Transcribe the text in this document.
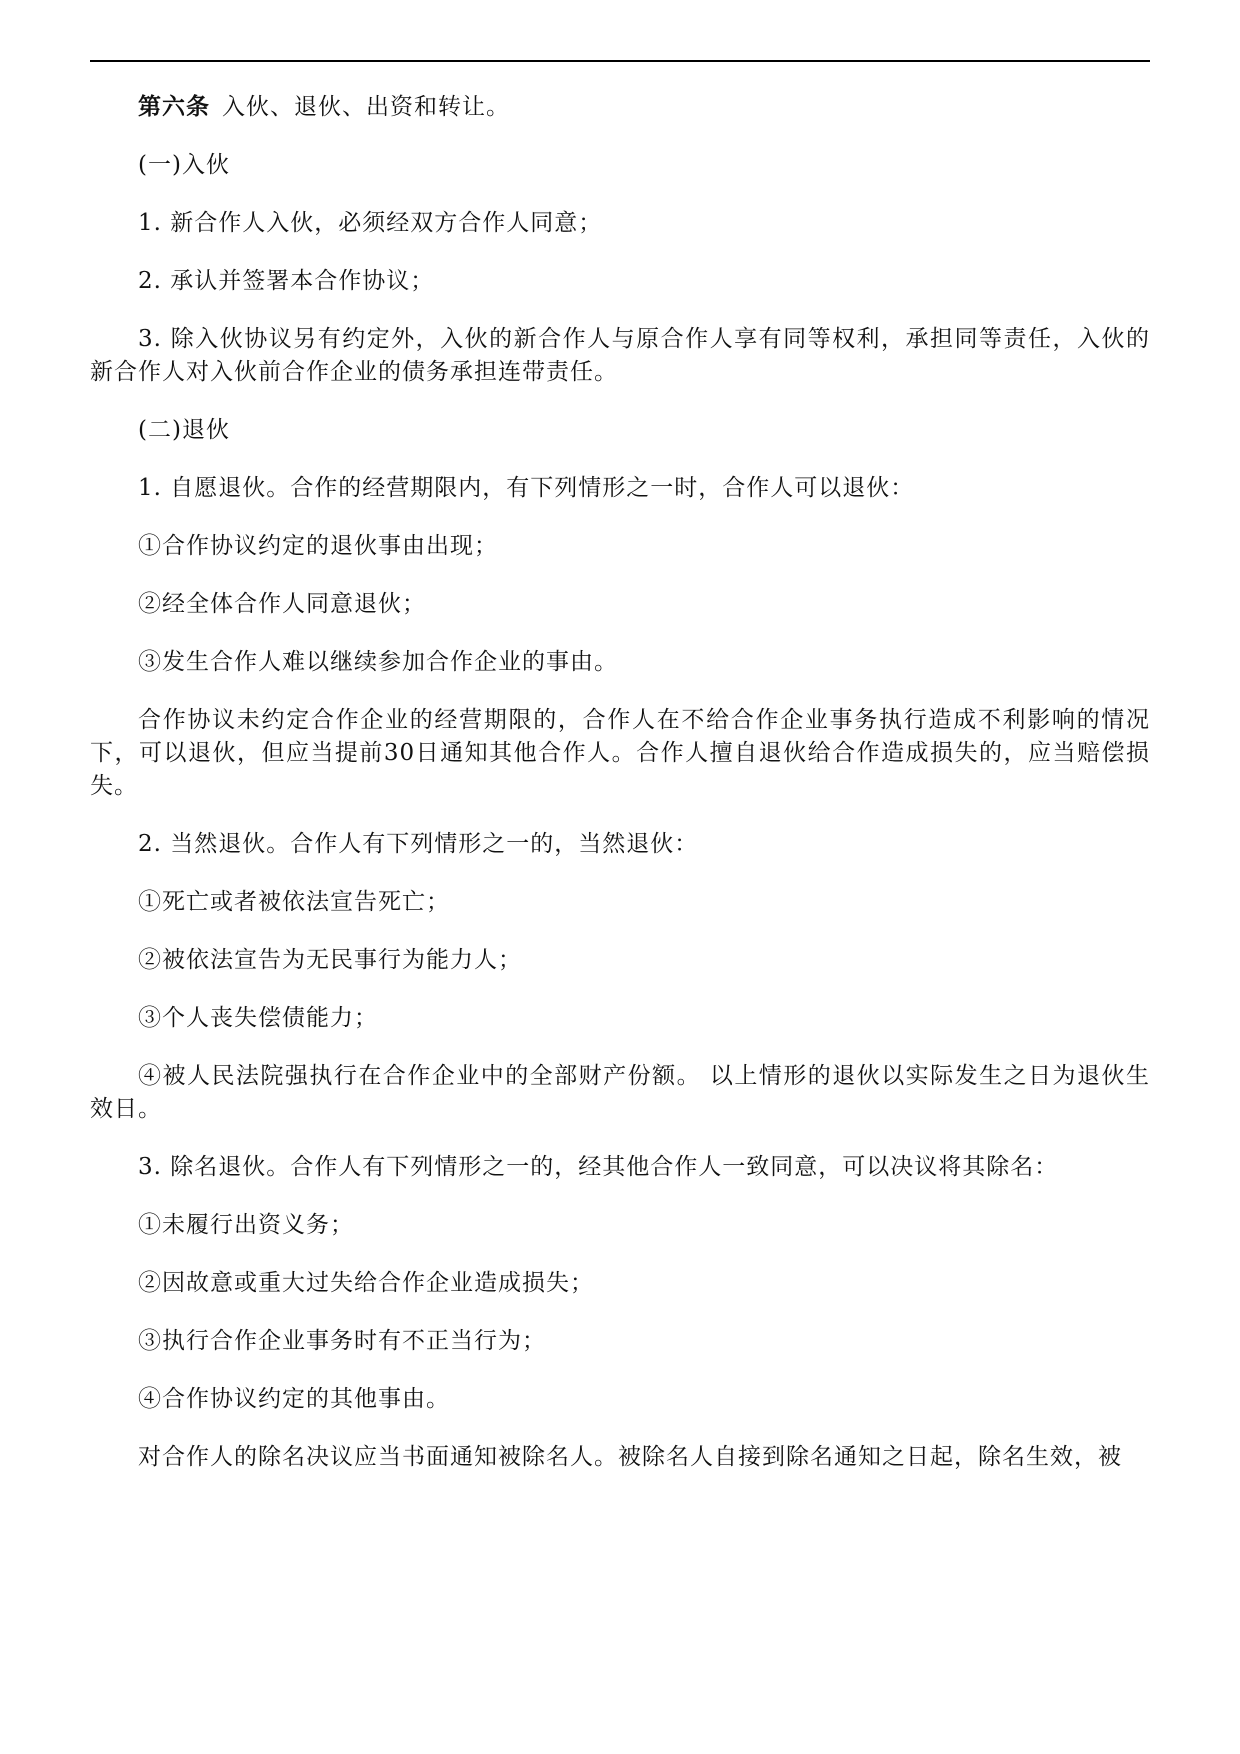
第六条 入伙、退伙、出资和转让。

(一)入伙

1. 新合作人入伙，必须经双方合作人同意；

2. 承认并签署本合作协议；

3. 除入伙协议另有约定外，入伙的新合作人与原合作人享有同等权利，承担同等责任，入伙的新合作人对入伙前合作企业的债务承担连带责任。

(二)退伙

1. 自愿退伙。合作的经营期限内，有下列情形之一时，合作人可以退伙：

①合作协议约定的退伙事由出现；

②经全体合作人同意退伙；

③发生合作人难以继续参加合作企业的事由。

合作协议未约定合作企业的经营期限的，合作人在不给合作企业事务执行造成不利影响的情况下，可以退伙，但应当提前30日通知其他合作人。合作人擅自退伙给合作造成损失的，应当赔偿损失。

2. 当然退伙。合作人有下列情形之一的，当然退伙：

①死亡或者被依法宣告死亡；

②被依法宣告为无民事行为能力人；

③个人丧失偿债能力；

④被人民法院强执行在合作企业中的全部财产份额。 以上情形的退伙以实际发生之日为退伙生效日。

3. 除名退伙。合作人有下列情形之一的，经其他合作人一致同意，可以决议将其除名：

①未履行出资义务；

②因故意或重大过失给合作企业造成损失；

③执行合作企业事务时有不正当行为；

④合作协议约定的其他事由。

对合作人的除名决议应当书面通知被除名人。被除名人自接到除名通知之日起，除名生效，被
